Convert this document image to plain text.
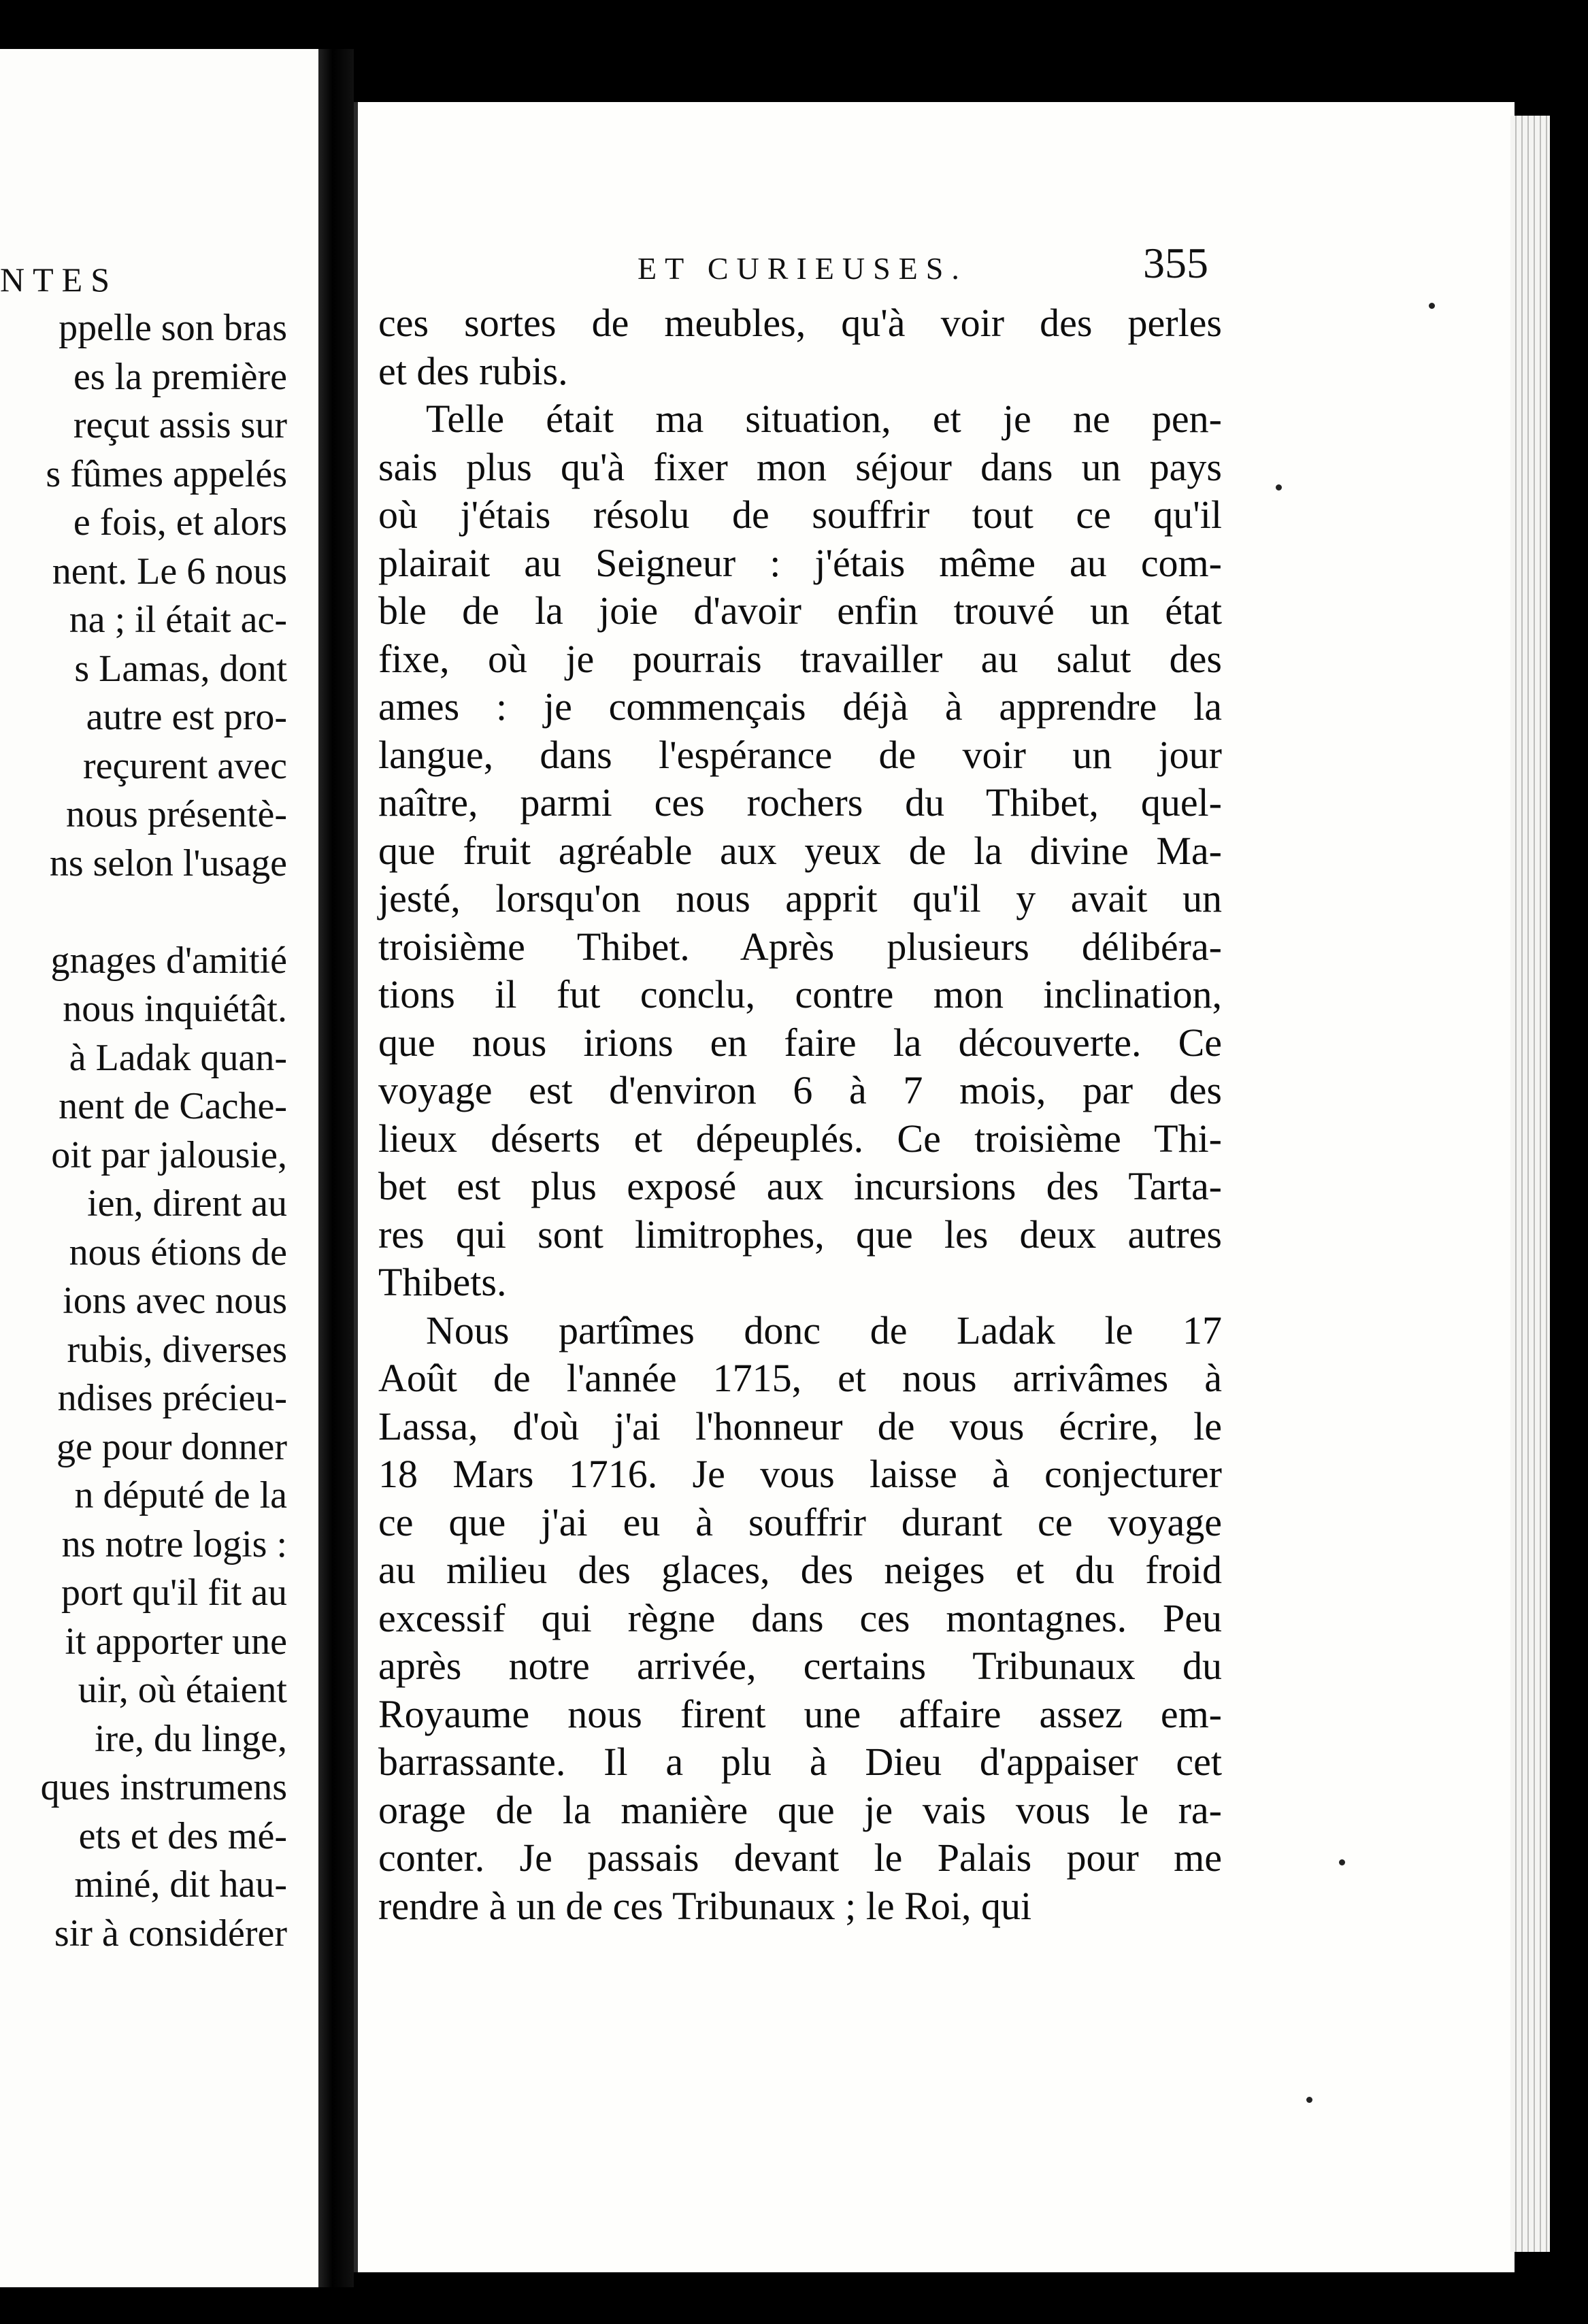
NTES
ppelle son bras
es la première
reçut assis sur
s fûmes appelés
e fois, et alors
nent. Le 6 nous
na ; il était ac-
s Lamas, dont
autre est pro-
reçurent avec
nous présentè-
ns selon l'usage
gnages d'amitié
nous inquiétât.
à Ladak quan-
nent de Cache-
oit par jalousie,
ien, dirent au
nous étions de
ions avec nous
rubis, diverses
ndises précieu-
ge pour donner
n député de la
ns notre logis :
port qu'il fit au
it apporter une
uir, où étaient
ire, du linge,
ques instrumens
ets et des mé-
miné, dit hau-
sir à considérer
ET CURIEUSES.	355
ces sortes de meubles, qu'à voir des perles
et des rubis.
Telle était ma situation, et je ne pen-
sais plus qu'à fixer mon séjour dans un pays
où j'étais résolu de souffrir tout ce qu'il
plairait au Seigneur : j'étais même au com-
ble de la joie d'avoir enfin trouvé un état
fixe, où je pourrais travailler au salut des
ames : je commençais déjà à apprendre la
langue, dans l'espérance de voir un jour
naître, parmi ces rochers du Thibet, quel-
que fruit agréable aux yeux de la divine Ma-
jesté, lorsqu'on nous apprit qu'il y avait un
troisième Thibet. Après plusieurs délibéra-
tions il fut conclu, contre mon inclination,
que nous irions en faire la découverte. Ce
voyage est d'environ 6 à 7 mois, par des
lieux déserts et dépeuplés. Ce troisième Thi-
bet est plus exposé aux incursions des Tarta-
res qui sont limitrophes, que les deux autres
Thibets.
Nous partîmes donc de Ladak le 17
Août de l'année 1715, et nous arrivâmes à
Lassa, d'où j'ai l'honneur de vous écrire, le
18 Mars 1716. Je vous laisse à conjecturer
ce que j'ai eu à souffrir durant ce voyage
au milieu des glaces, des neiges et du froid
excessif qui règne dans ces montagnes. Peu
après notre arrivée, certains Tribunaux du
Royaume nous firent une affaire assez em-
barrassante. Il a plu à Dieu d'appaiser cet
orage de la manière que je vais vous le ra-
conter. Je passais devant le Palais pour me
rendre à un de ces Tribunaux ; le Roi, qui
